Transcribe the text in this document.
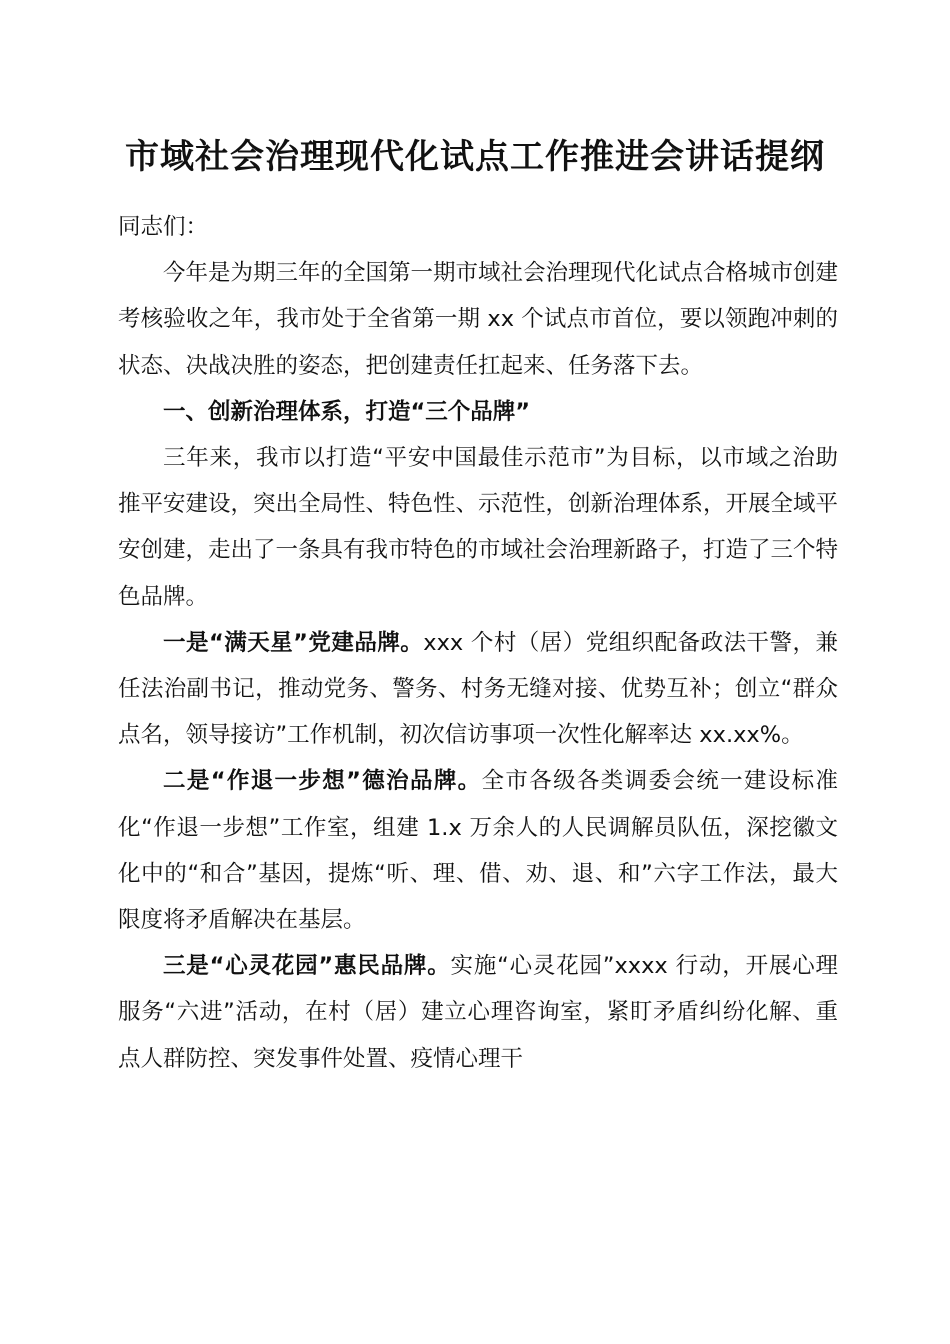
市域社会治理现代化试点工作推进会讲话提纲

同志们：

今年是为期三年的全国第一期市域社会治理现代化试点合格城市创建考核验收之年，我市处于全省第一期 xx 个试点市首位，要以领跑冲刺的状态、决战决胜的姿态，把创建责任扛起来、任务落下去。

一、创新治理体系，打造“三个品牌”

三年来，我市以打造“平安中国最佳示范市”为目标，以市域之治助推平安建设，突出全局性、特色性、示范性，创新治理体系，开展全域平安创建，走出了一条具有我市特色的市域社会治理新路子，打造了三个特色品牌。

一是“满天星”党建品牌。xxx 个村（居）党组织配备政法干警，兼任法治副书记，推动党务、警务、村务无缝对接、优势互补；创立“群众点名，领导接访”工作机制，初次信访事项一次性化解率达 xx.xx%。

二是“作退一步想”德治品牌。全市各级各类调委会统一建设标准化“作退一步想”工作室，组建 1.x 万余人的人民调解员队伍，深挖徽文化中的“和合”基因，提炼“听、理、借、劝、退、和”六字工作法，最大限度将矛盾解决在基层。

三是“心灵花园”惠民品牌。实施“心灵花园”xxxx 行动，开展心理服务“六进”活动，在村（居）建立心理咨询室，紧盯矛盾纠纷化解、重点人群防控、突发事件处置、疫情心理干
